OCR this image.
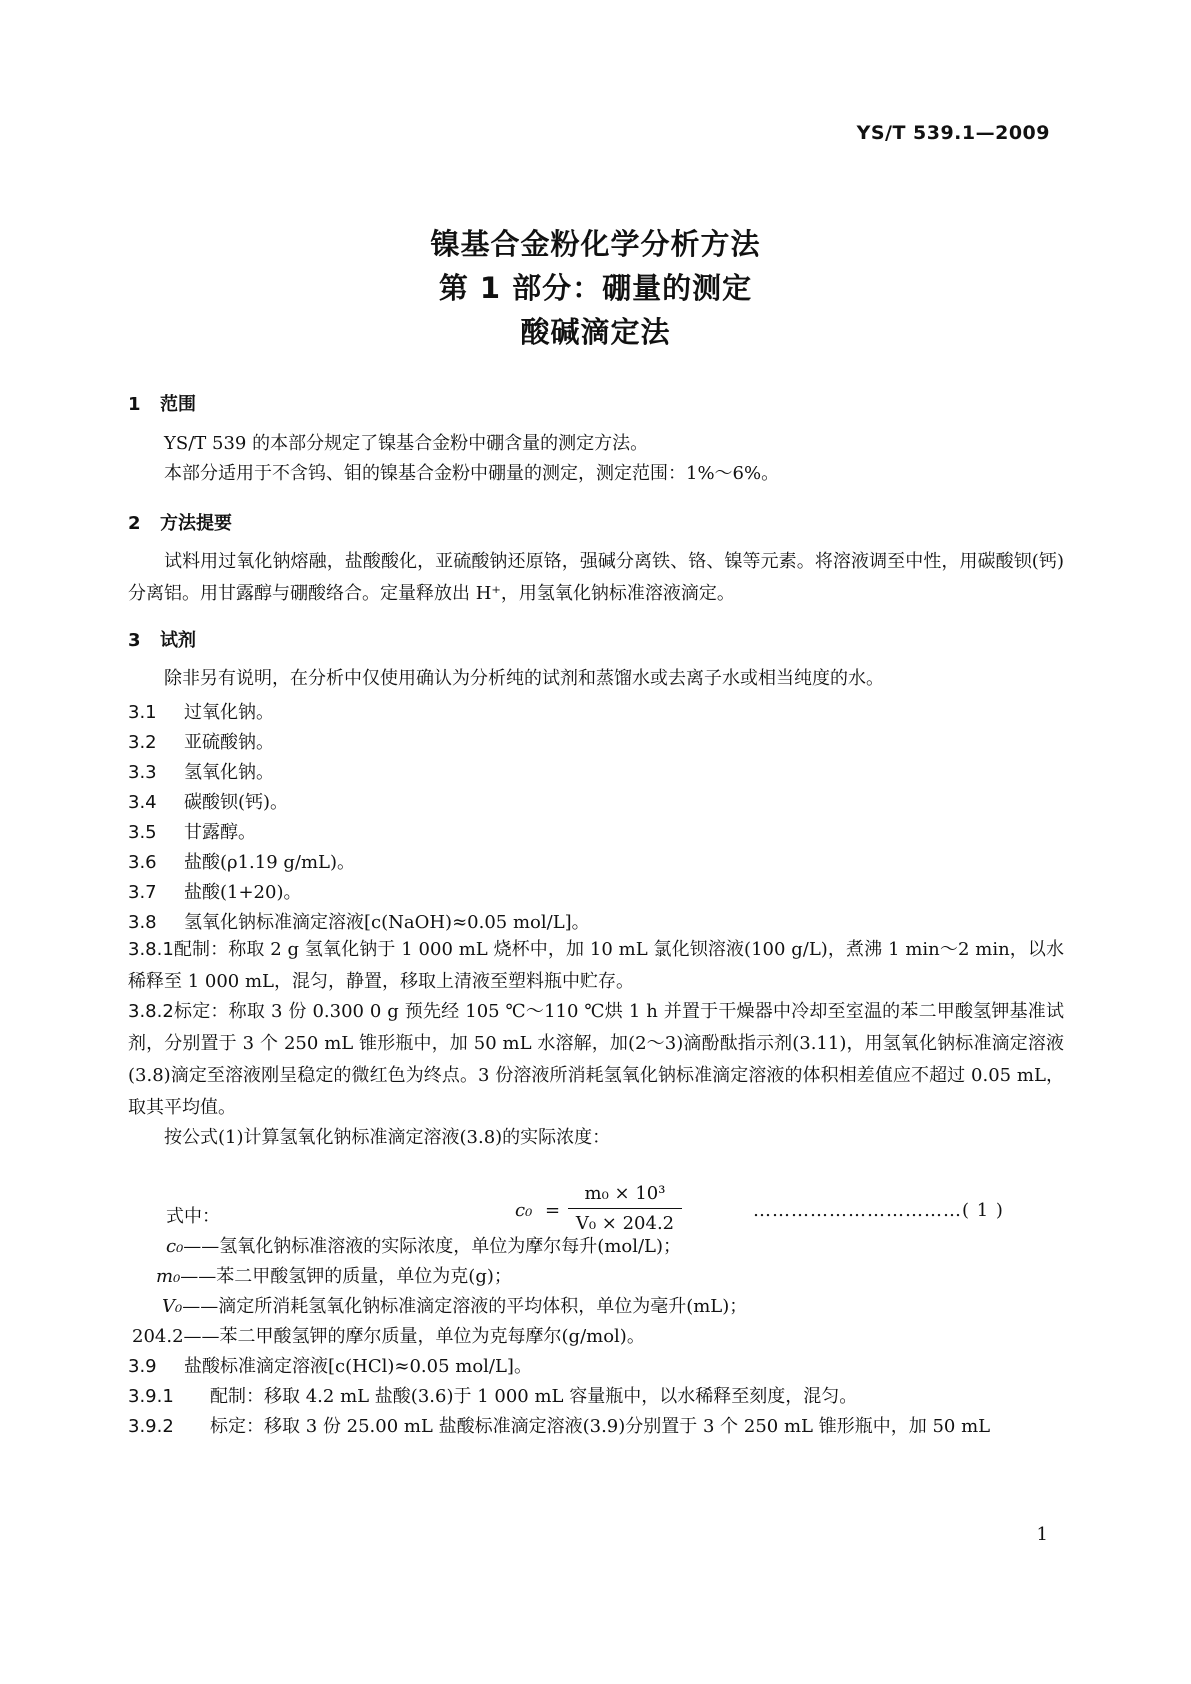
YS/T 539.1—2009
镍基合金粉化学分析方法
第 1 部分：硼量的测定
酸碱滴定法
1 范围
YS/T 539 的本部分规定了镍基合金粉中硼含量的测定方法。
本部分适用于不含钨、钼的镍基合金粉中硼量的测定，测定范围：1%～6%。
2 方法提要
试料用过氧化钠熔融，盐酸酸化，亚硫酸钠还原铬，强碱分离铁、铬、镍等元素。将溶液调至中性，用碳酸钡(钙)分离铝。用甘露醇与硼酸络合。定量释放出 H⁺，用氢氧化钠标准溶液滴定。
3 试剂
除非另有说明，在分析中仅使用确认为分析纯的试剂和蒸馏水或去离子水或相当纯度的水。
3.1 过氧化钠。
3.2 亚硫酸钠。
3.3 氢氧化钠。
3.4 碳酸钡(钙)。
3.5 甘露醇。
3.6 盐酸(ρ1.19 g/mL)。
3.7 盐酸(1+20)。
3.8 氢氧化钠标准滴定溶液[c(NaOH)≈0.05 mol/L]。
3.8.1配制：称取 2 g 氢氧化钠于 1 000 mL 烧杯中，加 10 mL 氯化钡溶液(100 g/L)，煮沸 1 min～2 min，以水稀释至 1 000 mL，混匀，静置，移取上清液至塑料瓶中贮存。
3.8.2标定：称取 3 份 0.300 0 g 预先经 105 ℃～110 ℃烘 1 h 并置于干燥器中冷却至室温的苯二甲酸氢钾基准试剂，分别置于 3 个 250 mL 锥形瓶中，加 50 mL 水溶解，加(2～3)滴酚酞指示剂(3.11)，用氢氧化钠标准滴定溶液(3.8)滴定至溶液刚呈稳定的微红色为终点。3 份溶液所消耗氢氧化钠标准滴定溶液的体积相差值应不超过 0.05 mL，取其平均值。
按公式(1)计算氢氧化钠标准滴定溶液(3.8)的实际浓度：
c₀ =
m₀ × 10³
V₀ × 204.2
……………………………( 1 )
式中：
c₀——氢氧化钠标准溶液的实际浓度，单位为摩尔每升(mol/L)；
m₀——苯二甲酸氢钾的质量，单位为克(g)；
V₀——滴定所消耗氢氧化钠标准滴定溶液的平均体积，单位为毫升(mL)；
204.2——苯二甲酸氢钾的摩尔质量，单位为克每摩尔(g/mol)。
3.9 盐酸标准滴定溶液[c(HCl)≈0.05 mol/L]。
3.9.1 配制：移取 4.2 mL 盐酸(3.6)于 1 000 mL 容量瓶中，以水稀释至刻度，混匀。
3.9.2 标定：移取 3 份 25.00 mL 盐酸标准滴定溶液(3.9)分别置于 3 个 250 mL 锥形瓶中，加 50 mL
1
